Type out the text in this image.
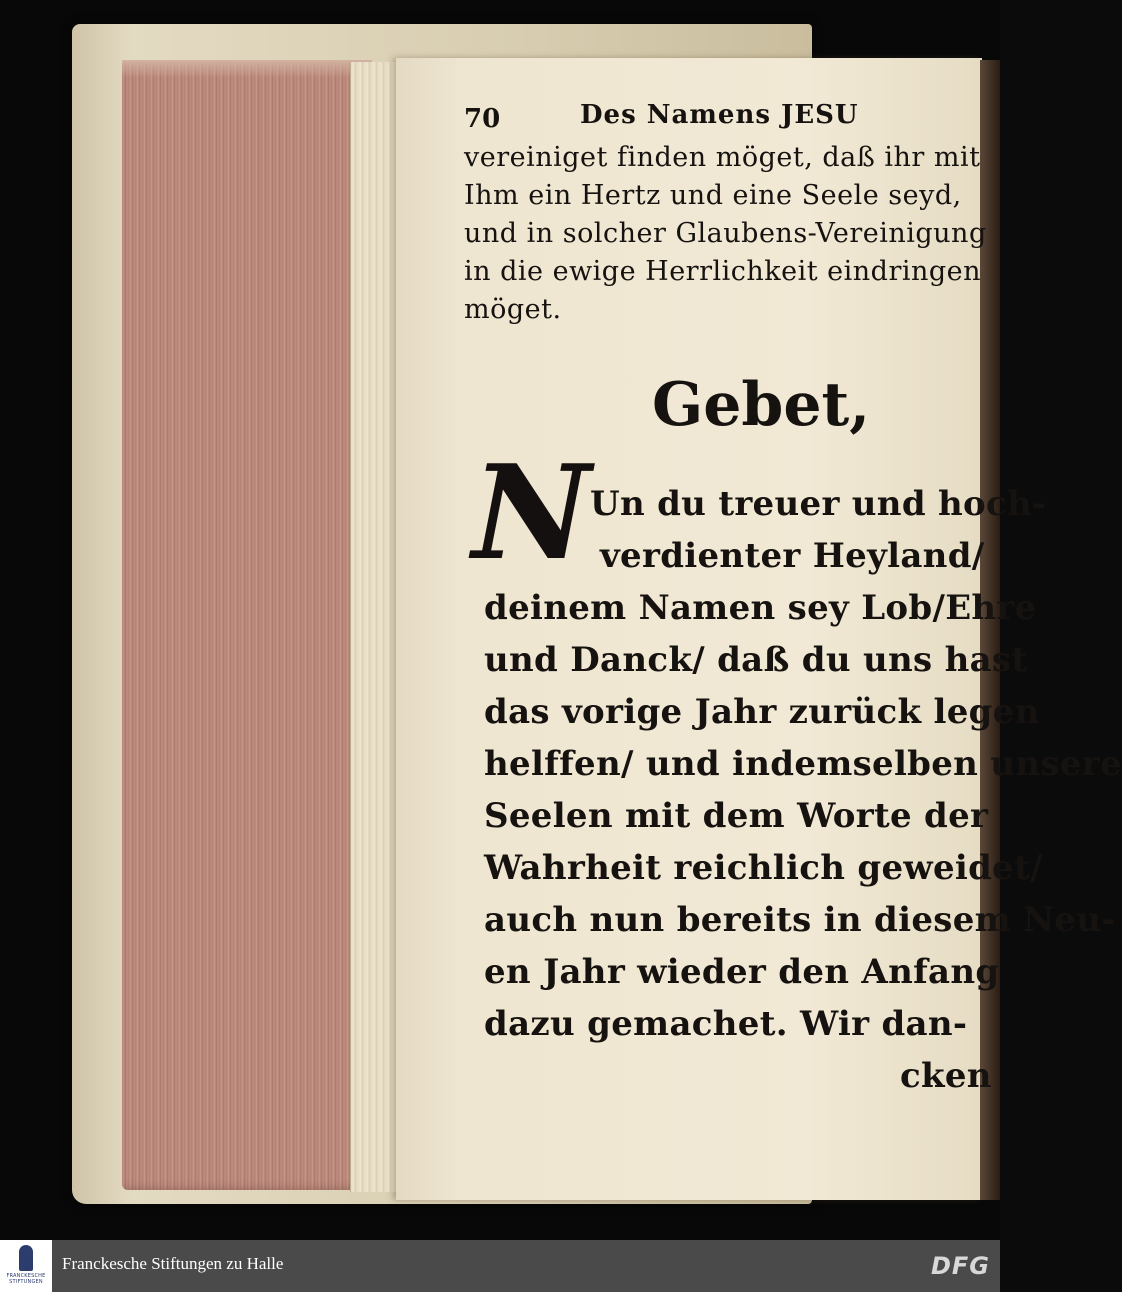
70	Des Namens JESU
vereiniget finden möget, daß ihr mit
Ihm ein Hertz und eine Seele seyd,
und in solcher Glaubens-Vereinigung
in die ewige Herrlichkeit eindringen
möget.
Gebet,
N Un du treuer und hoch-
verdienter Heyland/
deinem Namen sey Lob/Ehre
und Danck/ daß du uns hast
das vorige Jahr zurück legen
helffen/ und indemselben unsere
Seelen mit dem Worte der
Wahrheit reichlich geweidet/
auch nun bereits in diesem Neu-
en Jahr wieder den Anfang
dazu gemachet. Wir dan-
cken
FRANCKESCHE
STIFTUNGEN
Franckesche Stiftungen zu Halle	DFG
